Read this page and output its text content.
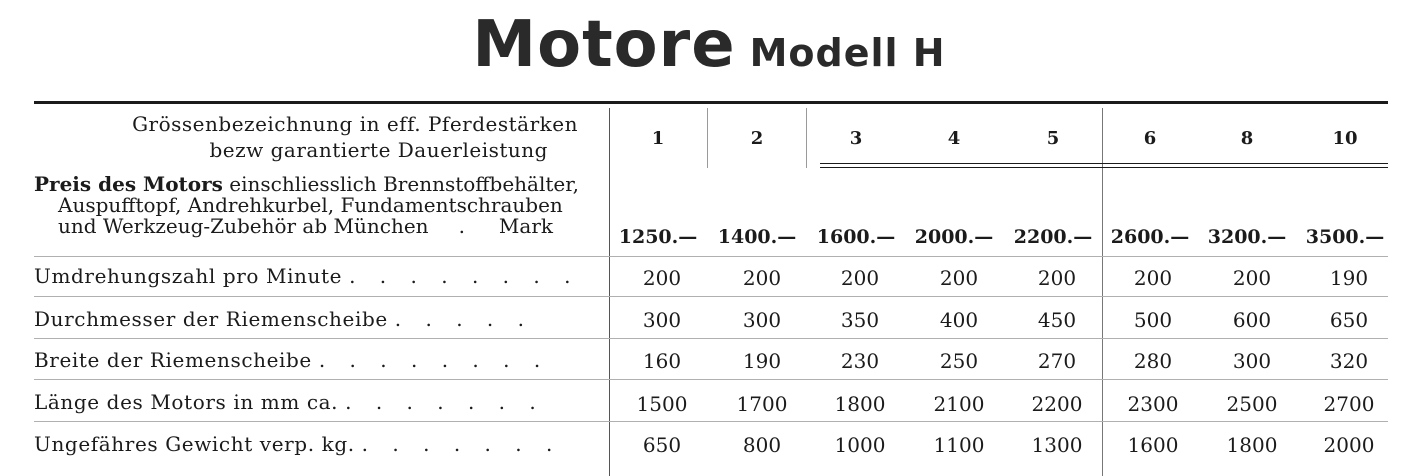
Motore Modell H
Grössenbezeichnung in eff. Pferdestärken
bezw garantierte Dauerleistung	1	2	3	4	5	6	8	10
Preis des Motors einschliesslich Brennstoffbehälter,
Auspufftopf, Andrehkurbel, Fundamentschrauben
und Werkzeug-Zubehör ab München . Mark	1250.—	1400.—	1600.—	2000.—	2200.— 2600.— 3200.—	3500.—
Umdrehungszahl pro Minute . . . . . . . .	200	200	200	200	200	200	200	190
Durchmesser der Riemenscheibe . . . . .	300	300	350	400	450	500	600	650
Breite der Riemenscheibe . . . . . . . .	160	190	230	250	270	280	300	320
Länge des Motors in mm ca. . . . . . . .	1500	1700	1800	2100	2200	2300	2500	2700
Ungefähres Gewicht verp. kg. . . . . . . .	650	800	1000	1100	1300	1600	1800	2000
